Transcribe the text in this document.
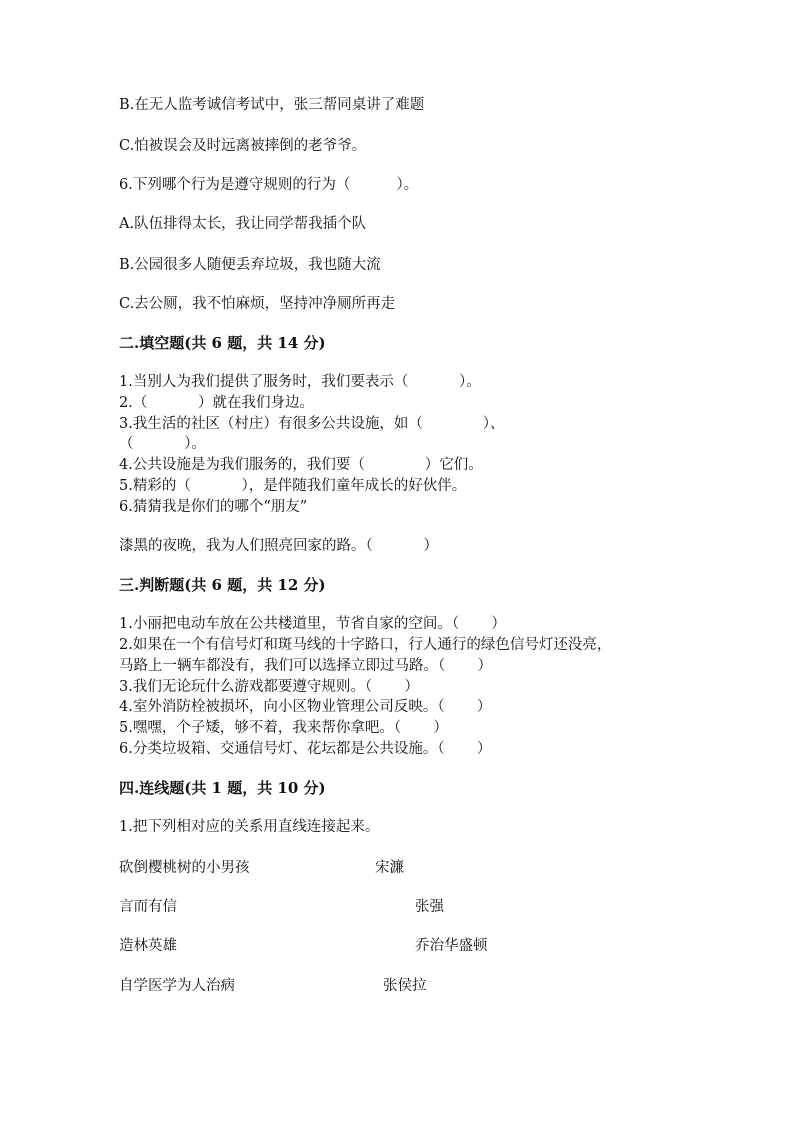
B.在无人监考诚信考试中，张三帮同桌讲了难题
C.怕被误会及时远离被摔倒的老爷爷。
6.下列哪个行为是遵守规则的行为（          ）。
A.队伍排得太长，我让同学帮我插个队
B.公园很多人随便丢弃垃圾，我也随大流
C.去公厕，我不怕麻烦，坚持冲净厕所再走
二.填空题(共 6 题，共 14 分)
1.当别人为我们提供了服务时，我们要表示（           ）。
2.（           ）就在我们身边。
3.我生活的社区（村庄）有很多公共设施，如（             ）、
（           ）。
4.公共设施是为我们服务的，我们要（             ）它们。
5.精彩的（           ），是伴随我们童年成长的好伙伴。
6.猜猜我是你们的哪个“朋友”
漆黑的夜晚，我为人们照亮回家的路。（           ）
三.判断题(共 6 题，共 12 分)
1.小丽把电动车放在公共楼道里，节省自家的空间。（       ）
2.如果在一个有信号灯和斑马线的十字路口，行人通行的绿色信号灯还没亮，
马路上一辆车都没有，我们可以选择立即过马路。（       ）
3.我们无论玩什么游戏都要遵守规则。（       ）
4.室外消防栓被损坏，向小区物业管理公司反映。（       ）
5.嘿嘿，个子矮，够不着，我来帮你拿吧。（       ）
6.分类垃圾箱、交通信号灯、花坛都是公共设施。（       ）
四.连线题(共 1 题，共 10 分)
1.把下列相对应的关系用直线连接起来。
砍倒樱桃树的小男孩	宋濂
言而有信	张强
造林英雄	乔治华盛顿
自学医学为人治病	张侯拉
